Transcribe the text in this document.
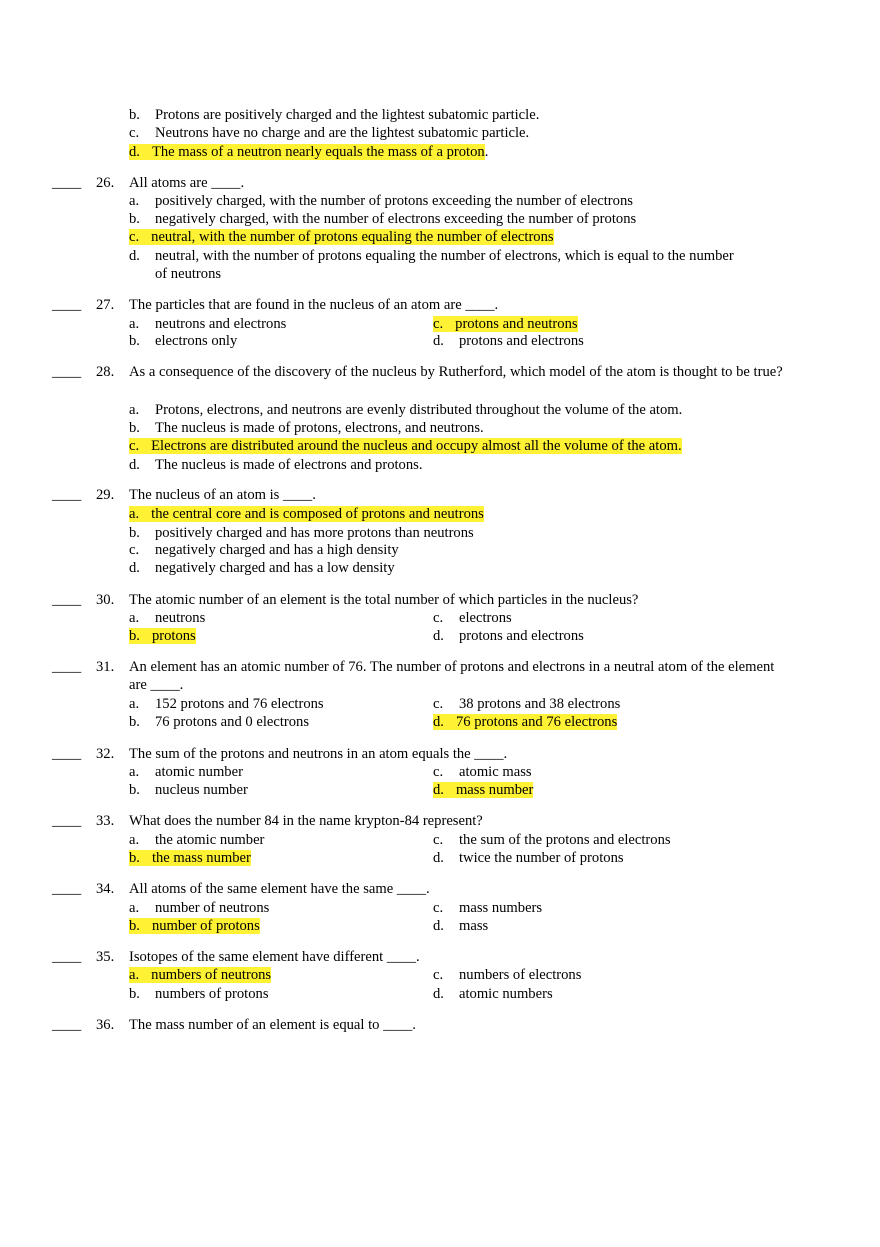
b. Protons are positively charged and the lightest subatomic particle.
c. Neutrons have no charge and are the lightest subatomic particle.
d. The mass of a neutron nearly equals the mass of a proton.
____ 26. All atoms are ____.
a. positively charged, with the number of protons exceeding the number of electrons
b. negatively charged, with the number of electrons exceeding the number of protons
c. neutral, with the number of protons equaling the number of electrons
d. neutral, with the number of protons equaling the number of electrons, which is equal to the number of neutrons
____ 27. The particles that are found in the nucleus of an atom are ____.
a. neutrons and electrons
b. electrons only
c. protons and neutrons
d. protons and electrons
____ 28. As a consequence of the discovery of the nucleus by Rutherford, which model of the atom is thought to be true?
a. Protons, electrons, and neutrons are evenly distributed throughout the volume of the atom.
b. The nucleus is made of protons, electrons, and neutrons.
c. Electrons are distributed around the nucleus and occupy almost all the volume of the atom.
d. The nucleus is made of electrons and protons.
____ 29. The nucleus of an atom is ____.
a. the central core and is composed of protons and neutrons
b. positively charged and has more protons than neutrons
c. negatively charged and has a high density
d. negatively charged and has a low density
____ 30. The atomic number of an element is the total number of which particles in the nucleus?
a. neutrons
b. protons
c. electrons
d. protons and electrons
____ 31. An element has an atomic number of 76. The number of protons and electrons in a neutral atom of the element are ____.
a. 152 protons and 76 electrons
b. 76 protons and 0 electrons
c. 38 protons and 38 electrons
d. 76 protons and 76 electrons
____ 32. The sum of the protons and neutrons in an atom equals the ____.
a. atomic number
b. nucleus number
c. atomic mass
d. mass number
____ 33. What does the number 84 in the name krypton-84 represent?
a. the atomic number
b. the mass number
c. the sum of the protons and electrons
d. twice the number of protons
____ 34. All atoms of the same element have the same ____.
a. number of neutrons
b. number of protons
c. mass numbers
d. mass
____ 35. Isotopes of the same element have different ____.
a. numbers of neutrons
b. numbers of protons
c. numbers of electrons
d. atomic numbers
____ 36. The mass number of an element is equal to ____.
